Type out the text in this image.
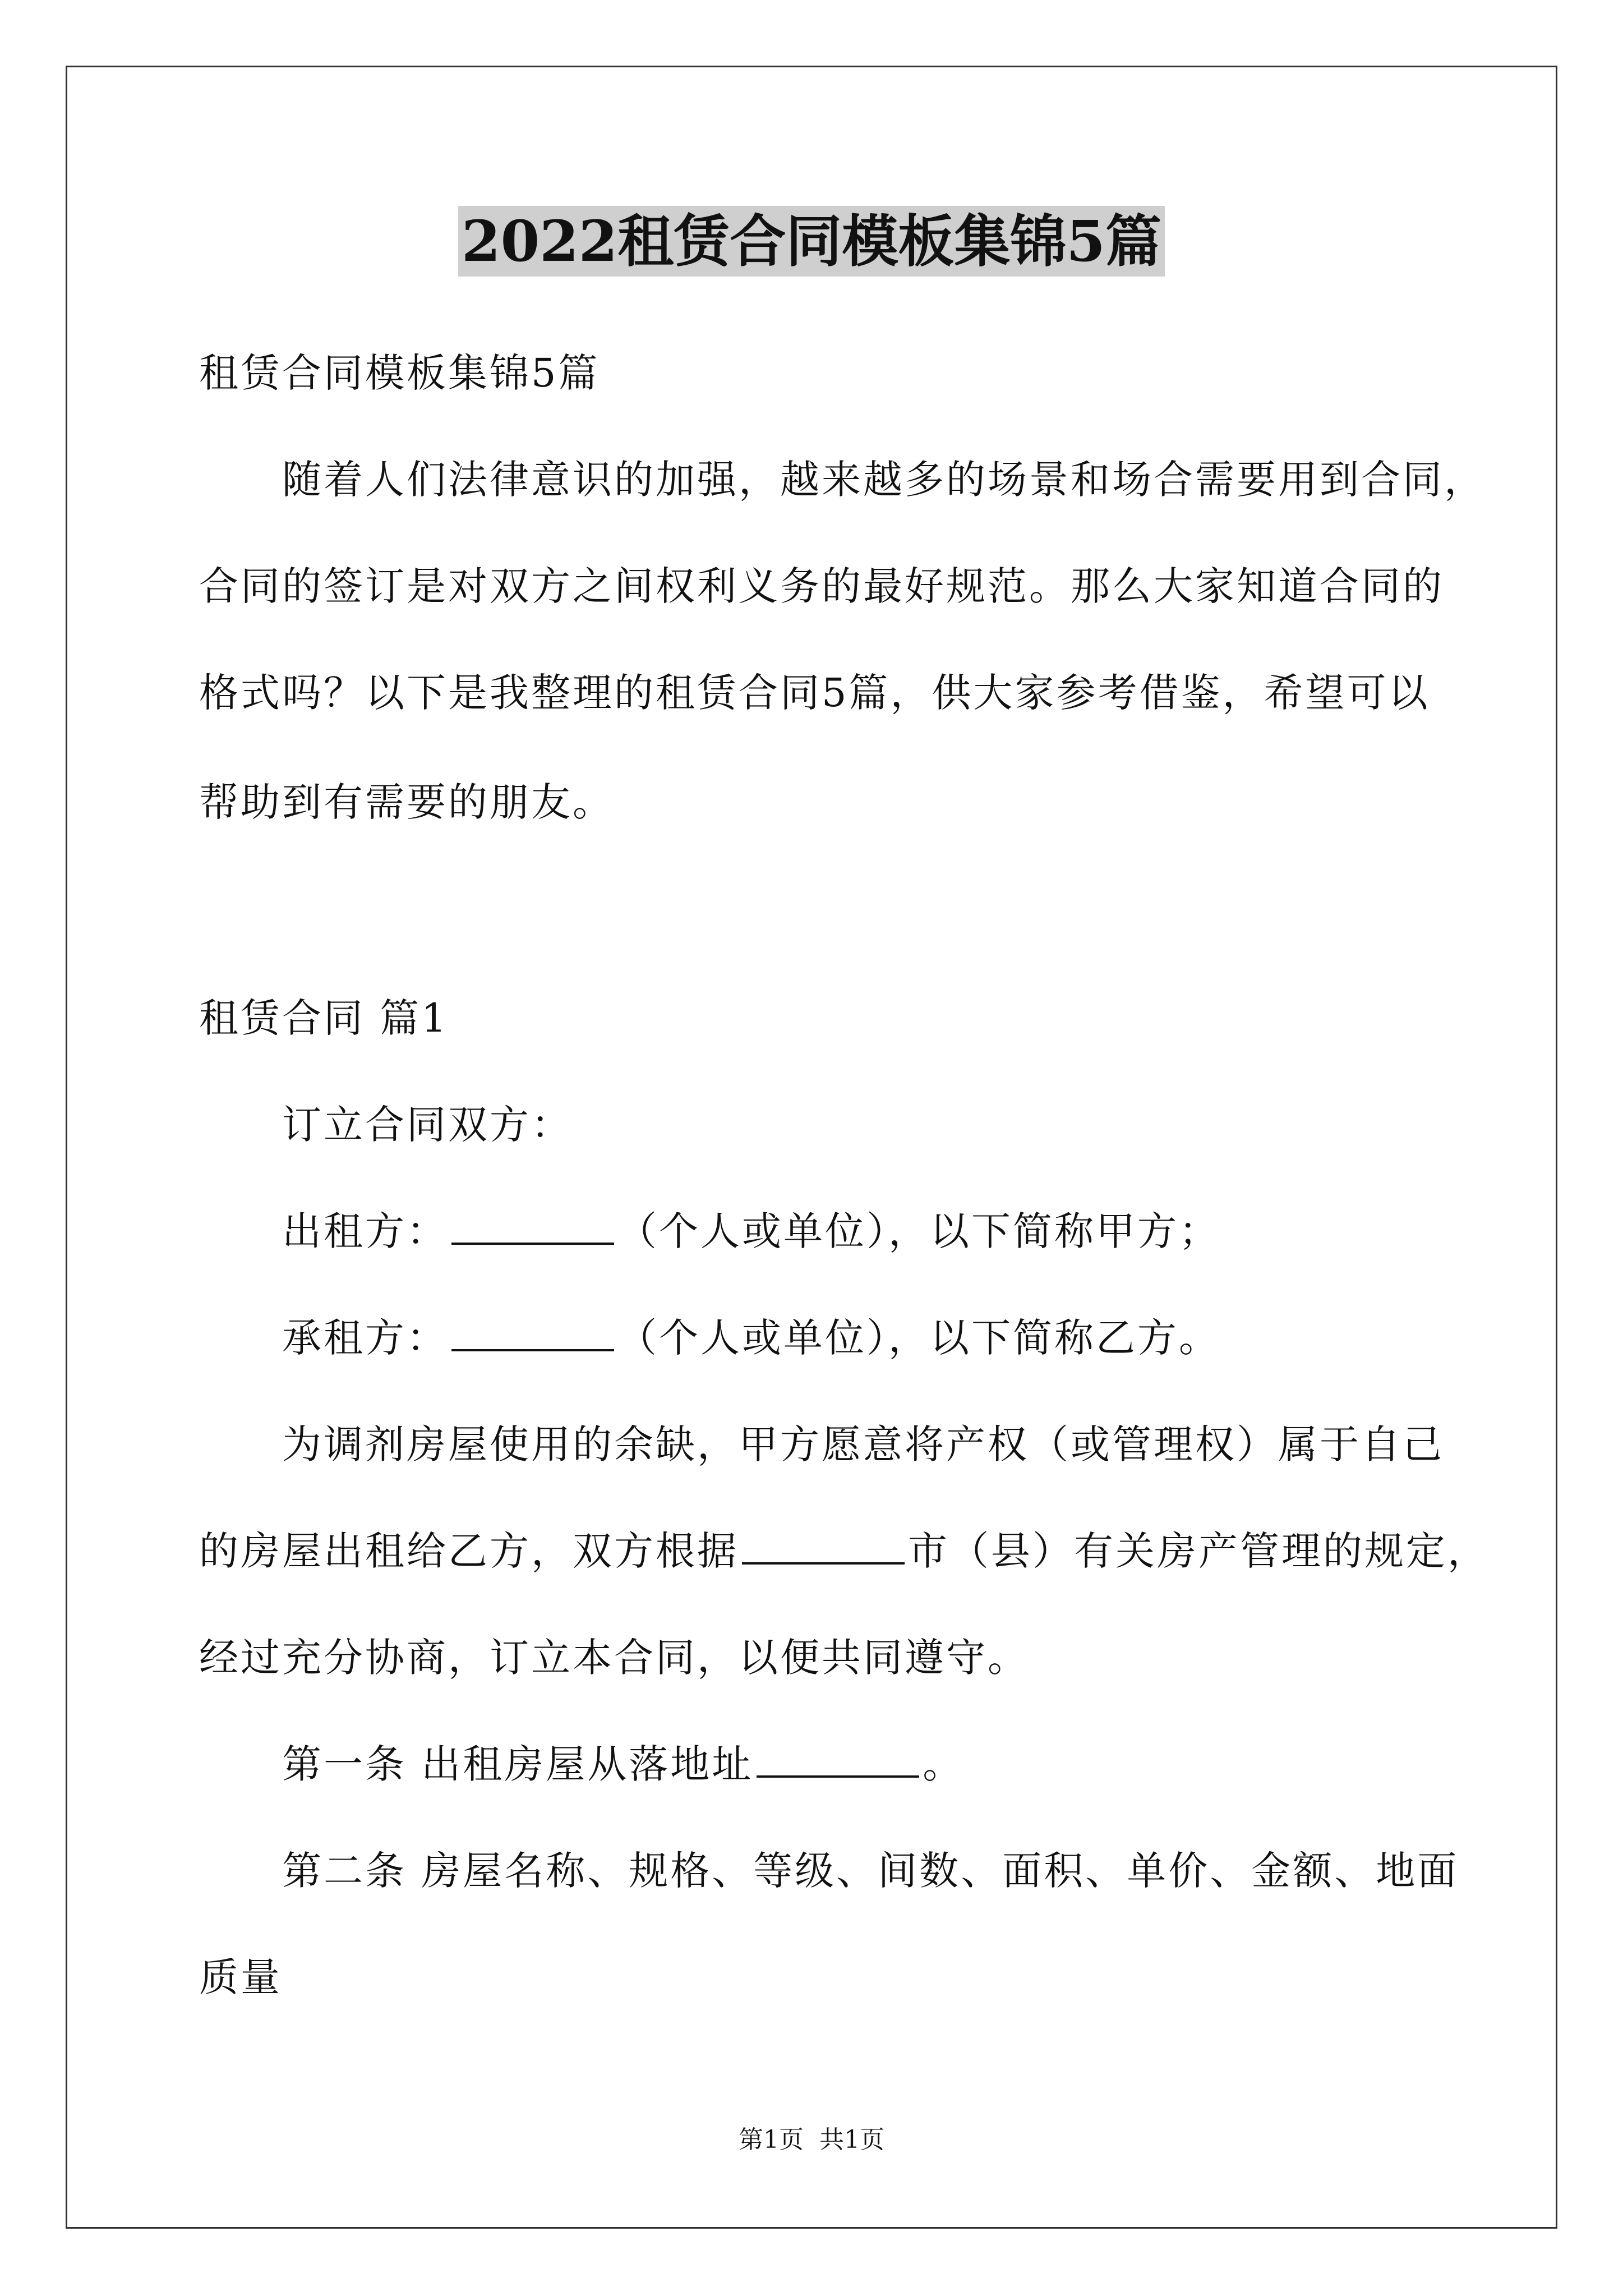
2022租赁合同模板集锦5篇
租赁合同模板集锦5篇
随着人们法律意识的加强，越来越多的场景和场合需要用到合同，
合同的签订是对双方之间权利义务的最好规范。那么大家知道合同的
格式吗？以下是我整理的租赁合同5篇，供大家参考借鉴，希望可以
帮助到有需要的朋友。
租赁合同 篇1
订立合同双方：
出租方：	（个人或单位），以下简称甲方；
承租方：	（个人或单位），以下简称乙方。
为调剂房屋使用的余缺，甲方愿意将产权（或管理权）属于自己
的房屋出租给乙方，双方根据	市（县）有关房产管理的规定，
经过充分协商，订立本合同，以便共同遵守。
第一条 出租房屋从落地址	。
第二条 房屋名称、规格、等级、间数、面积、单价、金额、地面
质量
第1页 共1页
